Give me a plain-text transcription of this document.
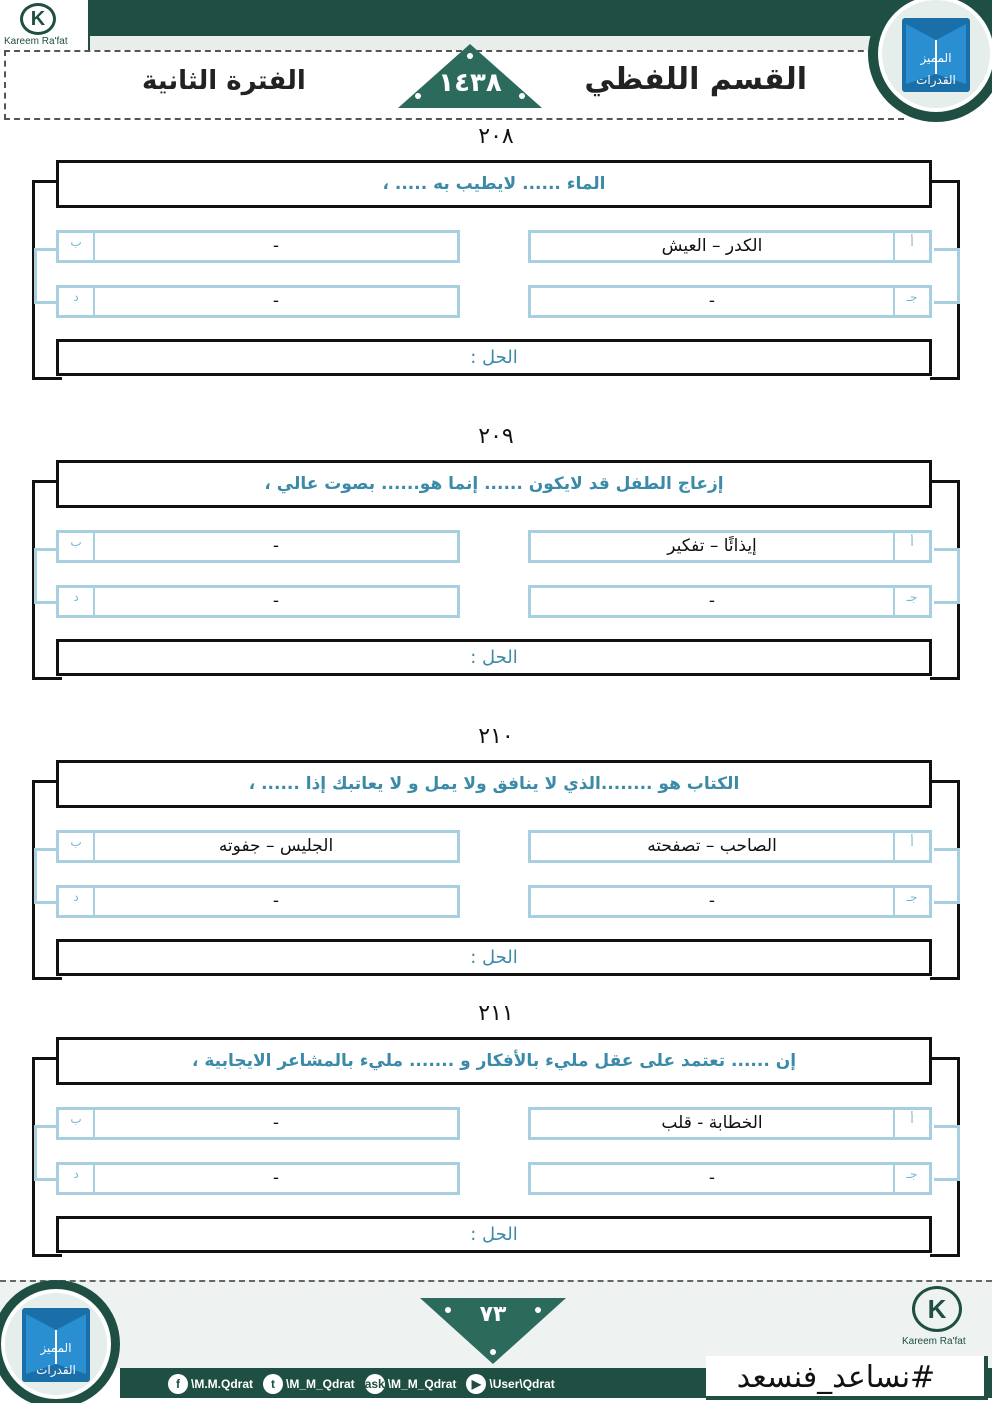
K
Kareem Ra'fat
الفترة الثانية	١٤٣٨	القسم اللفظي
المميز
القدرات
٢٠٨
الماء ...... لايطيب به ..... ،
أ
الكدر – العيش
ب	-
جـ
-
د	-
الحل :
٢٠٩
إزعاج الطفل قد لايكون ...... إنما هو...... بصوت عالي ،
أ
إيذائًا – تفكير
ب	-
جـ
-
د	-
الحل :
٢١٠
الكتاب هو ........الذي لا ينافق ولا يمل و لا يعاتبك إذا ...... ،
أ
الصاحب – تصفحته
ب	الجليس – جفوته
جـ
-
د	-
الحل :
٢١١
إن ...... تعتمد على عقل مليء بالأفكار و ....... مليء بالمشاعر الايجابية ،
أ
الخطابة - قلب
ب	-
جـ
-
د	-
الحل :
المميز
القدرات
٧٣	K
Kareem Ra'fat
f \M.M.Qdrat	t \M_M_Qdrat ask \M_M_Qdrat	▶ \User\Qdrat	#نساعد_فنسعد
